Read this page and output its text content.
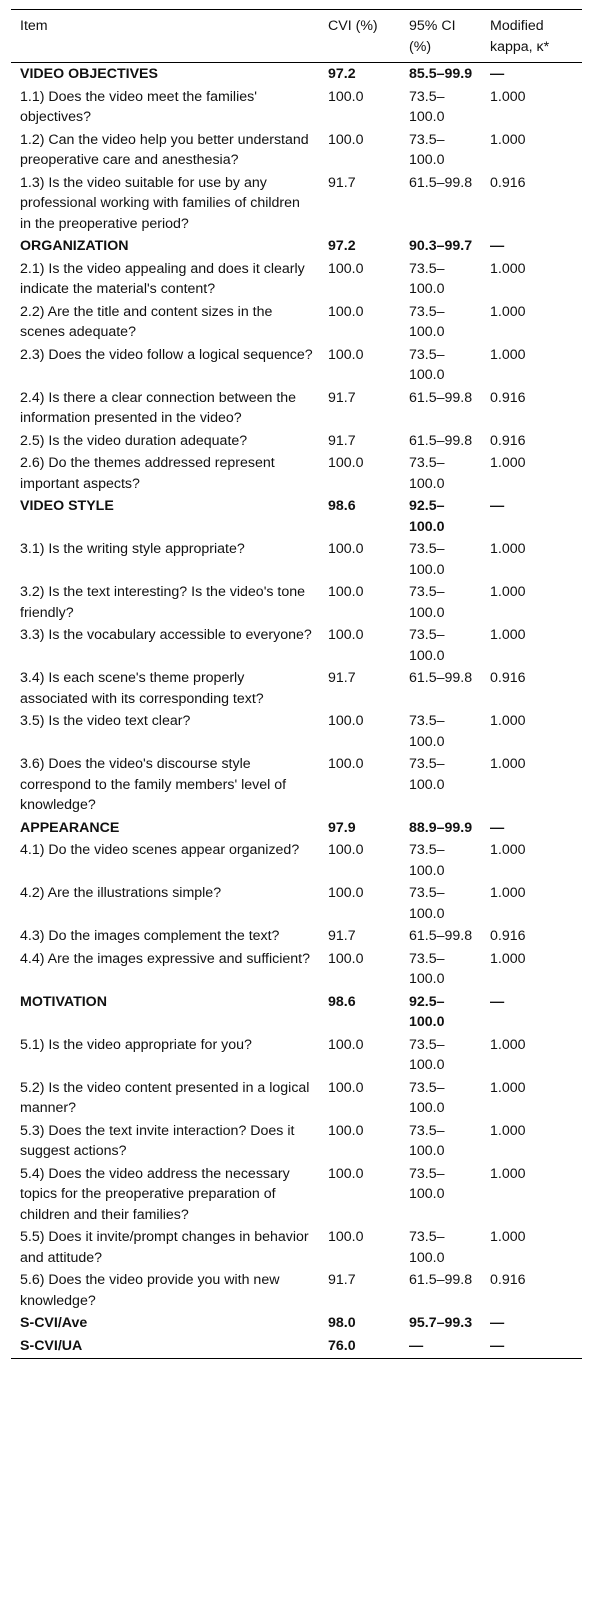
Item	CVI (%)	95% CI (%)	Modified kappa, κ*
VIDEO OBJECTIVES	97.2	85.5–99.9	—
1.1) Does the video meet the families' objectives?	100.0	73.5–100.0	1.000
1.2) Can the video help you better understand preoperative care and anesthesia?	100.0	73.5–100.0	1.000
1.3) Is the video suitable for use by any professional working with families of children in the preoperative period?	91.7	61.5–99.8	0.916
ORGANIZATION	97.2	90.3–99.7	—
2.1) Is the video appealing and does it clearly indicate the material's content?	100.0	73.5–100.0	1.000
2.2) Are the title and content sizes in the scenes adequate?	100.0	73.5–100.0	1.000
2.3) Does the video follow a logical sequence?	100.0	73.5–100.0	1.000
2.4) Is there a clear connection between the information presented in the video?	91.7	61.5–99.8	0.916
2.5) Is the video duration adequate?	91.7	61.5–99.8	0.916
2.6) Do the themes addressed represent important aspects?	100.0	73.5–100.0	1.000
VIDEO STYLE	98.6	92.5–100.0	—
3.1) Is the writing style appropriate?	100.0	73.5–100.0	1.000
3.2) Is the text interesting? Is the video's tone friendly?	100.0	73.5–100.0	1.000
3.3) Is the vocabulary accessible to everyone?	100.0	73.5–100.0	1.000
3.4) Is each scene's theme properly associated with its corresponding text?	91.7	61.5–99.8	0.916
3.5) Is the video text clear?	100.0	73.5–100.0	1.000
3.6) Does the video's discourse style correspond to the family members' level of knowledge?	100.0	73.5–100.0	1.000
APPEARANCE	97.9	88.9–99.9	—
4.1) Do the video scenes appear organized?	100.0	73.5–100.0	1.000
4.2) Are the illustrations simple?	100.0	73.5–100.0	1.000
4.3) Do the images complement the text?	91.7	61.5–99.8	0.916
4.4) Are the images expressive and sufficient?	100.0	73.5–100.0	1.000
MOTIVATION	98.6	92.5–100.0	—
5.1) Is the video appropriate for you?	100.0	73.5–100.0	1.000
5.2) Is the video content presented in a logical manner?	100.0	73.5–100.0	1.000
5.3) Does the text invite interaction? Does it suggest actions?	100.0	73.5–100.0	1.000
5.4) Does the video address the necessary topics for the preoperative preparation of children and their families?	100.0	73.5–100.0	1.000
5.5) Does it invite/prompt changes in behavior and attitude?	100.0	73.5–100.0	1.000
5.6) Does the video provide you with new knowledge?	91.7	61.5–99.8	0.916
S-CVI/Ave	98.0	95.7–99.3	—
S-CVI/UA	76.0	—	—
